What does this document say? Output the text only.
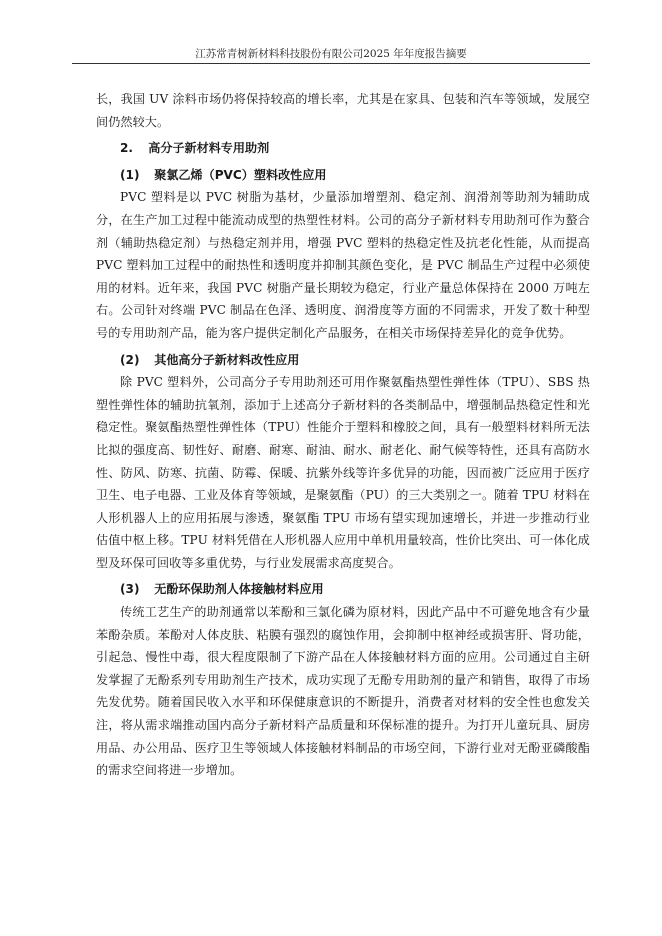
江苏常青树新材料科技股份有限公司2025 年年度报告摘要

长，我国 UV 涂料市场仍将保持较高的增长率，尤其是在家具、包装和汽车等领域，发展空间仍然较大。

2. 高分子新材料专用助剂

(1) 聚氯乙烯（PVC）塑料改性应用

PVC 塑料是以 PVC 树脂为基材，少量添加增塑剂、稳定剂、润滑剂等助剂为辅助成分，在生产加工过程中能流动成型的热塑性材料。公司的高分子新材料专用助剂可作为螯合剂（辅助热稳定剂）与热稳定剂并用，增强 PVC 塑料的热稳定性及抗老化性能，从而提高 PVC 塑料加工过程中的耐热性和透明度并抑制其颜色变化，是 PVC 制品生产过程中必须使用的材料。近年来，我国 PVC 树脂产量长期较为稳定，行业产量总体保持在 2000 万吨左右。公司针对终端 PVC 制品在色泽、透明度、润滑度等方面的不同需求，开发了数十种型号的专用助剂产品，能为客户提供定制化产品服务，在相关市场保持差异化的竞争优势。

(2) 其他高分子新材料改性应用

除 PVC 塑料外，公司高分子专用助剂还可用作聚氨酯热塑性弹性体（TPU）、SBS 热塑性弹性体的辅助抗氧剂，添加于上述高分子新材料的各类制品中，增强制品热稳定性和光稳定性。聚氨酯热塑性弹性体（TPU）性能介于塑料和橡胶之间，具有一般塑料材料所无法比拟的强度高、韧性好、耐磨、耐寒、耐油、耐水、耐老化、耐气候等特性，还具有高防水性、防风、防寒、抗菌、防霉、保暖、抗紫外线等许多优异的功能，因而被广泛应用于医疗卫生、电子电器、工业及体育等领域，是聚氨酯（PU）的三大类别之一。随着 TPU 材料在人形机器人上的应用拓展与渗透，聚氨酯 TPU 市场有望实现加速增长，并进一步推动行业估值中枢上移。TPU 材料凭借在人形机器人应用中单机用量较高，性价比突出、可一体化成型及环保可回收等多重优势，与行业发展需求高度契合。

(3) 无酚环保助剂人体接触材料应用

传统工艺生产的助剂通常以苯酚和三氯化磷为原材料，因此产品中不可避免地含有少量苯酚杂质。苯酚对人体皮肤、粘膜有强烈的腐蚀作用，会抑制中枢神经或损害肝、肾功能，引起急、慢性中毒，很大程度限制了下游产品在人体接触材料方面的应用。公司通过自主研发掌握了无酚系列专用助剂生产技术，成功实现了无酚专用助剂的量产和销售，取得了市场先发优势。随着国民收入水平和环保健康意识的不断提升，消费者对材料的安全性也愈发关注，将从需求端推动国内高分子新材料产品质量和环保标准的提升。为打开儿童玩具、厨房用品、办公用品、医疗卫生等领域人体接触材料制品的市场空间，下游行业对无酚亚磷酸酯的需求空间将进一步增加。
